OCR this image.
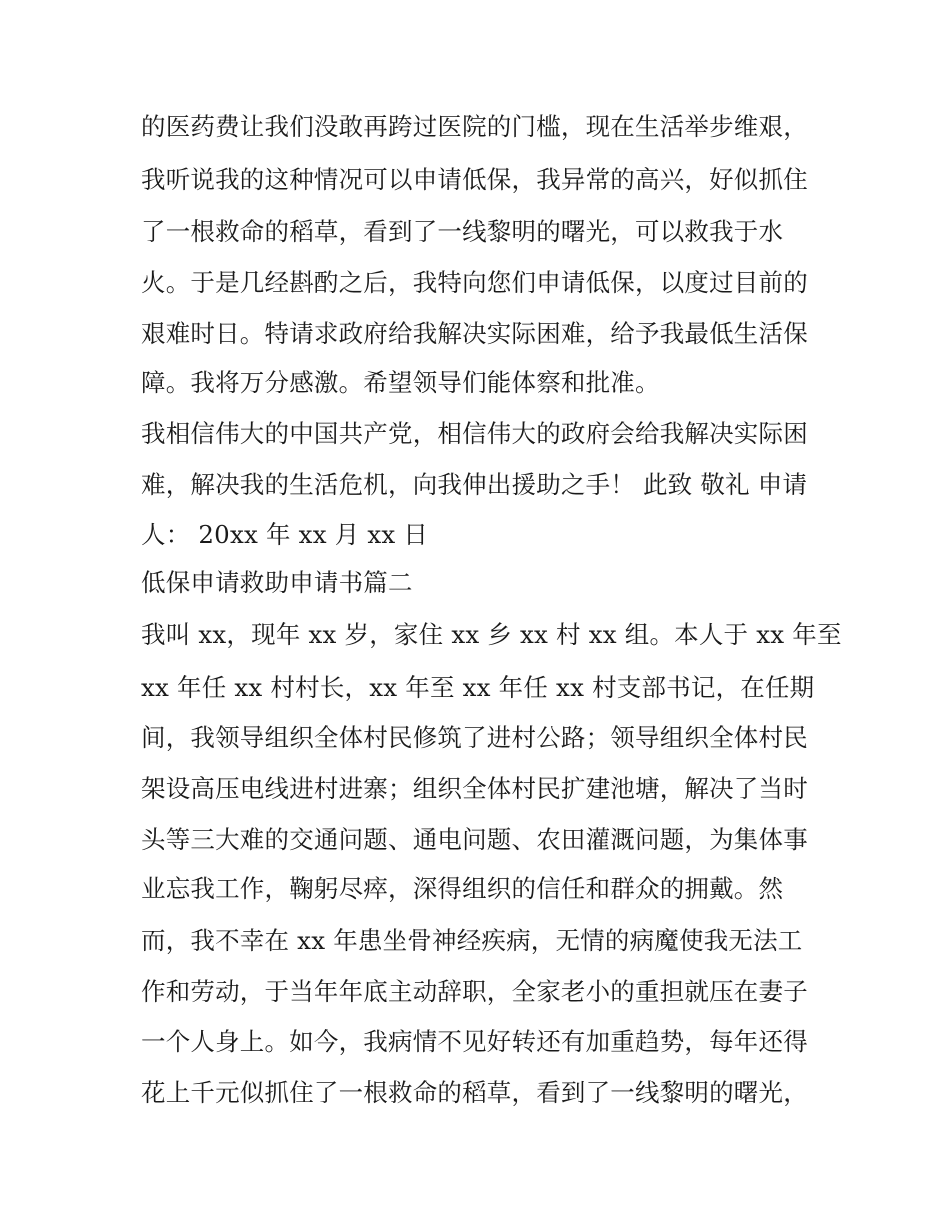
的医药费让我们没敢再跨过医院的门槛，现在生活举步维艰，
我听说我的这种情况可以申请低保，我异常的高兴，好似抓住
了一根救命的稻草，看到了一线黎明的曙光，可以救我于水
火。于是几经斟酌之后，我特向您们申请低保，以度过目前的
艰难时日。特请求政府给我解决实际困难，给予我最低生活保
障。我将万分感激。希望领导们能体察和批准。
我相信伟大的中国共产党，相信伟大的政府会给我解决实际困
难，解决我的生活危机，向我伸出援助之手！ 此致 敬礼 申请
人： 20xx 年 xx 月 xx 日
低保申请救助申请书篇二
我叫 xx，现年 xx 岁，家住 xx 乡 xx 村 xx 组。本人于 xx 年至
xx 年任 xx 村村长，xx 年至 xx 年任 xx 村支部书记，在任期
间，我领导组织全体村民修筑了进村公路；领导组织全体村民
架设高压电线进村进寨；组织全体村民扩建池塘，解决了当时
头等三大难的交通问题、通电问题、农田灌溉问题，为集体事
业忘我工作，鞠躬尽瘁，深得组织的信任和群众的拥戴。然
而，我不幸在 xx 年患坐骨神经疾病，无情的病魔使我无法工
作和劳动，于当年年底主动辞职，全家老小的重担就压在妻子
一个人身上。如今，我病情不见好转还有加重趋势，每年还得
花上千元似抓住了一根救命的稻草，看到了一线黎明的曙光，
